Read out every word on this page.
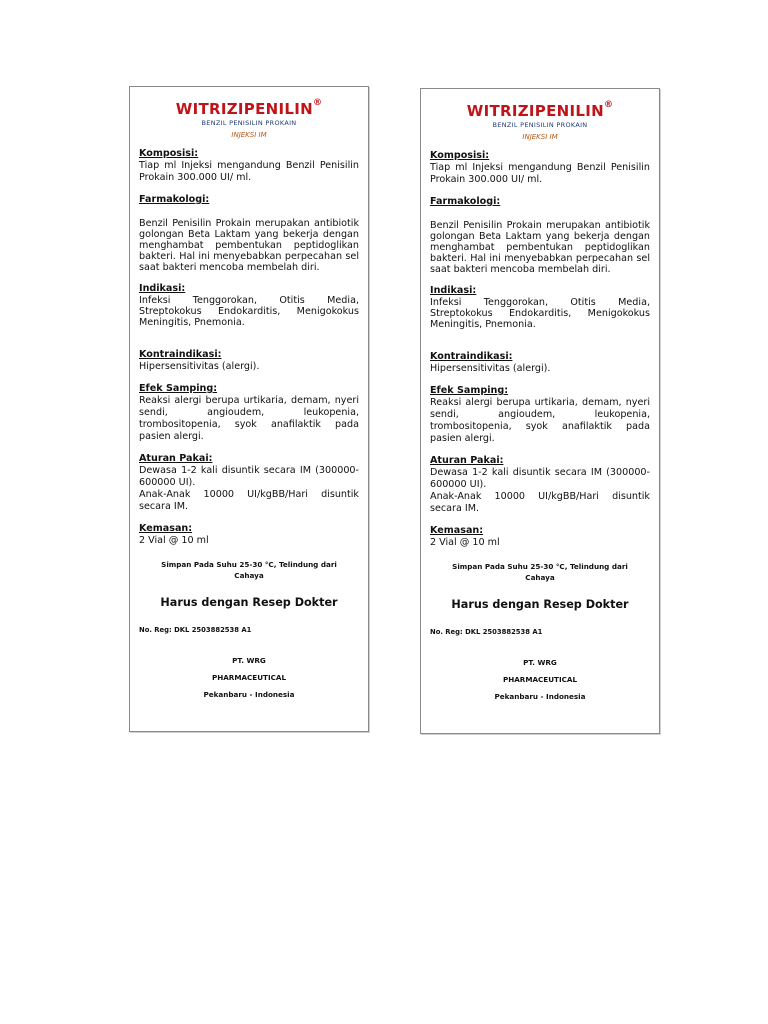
WITRIZIPENILIN®
BENZIL PENISILIN PROKAIN
INJEKSI IM
Komposisi:
Tiap ml Injeksi mengandung Benzil Penisilin Prokain 300.000 UI/ ml.
Farmakologi:
Benzil Penisilin Prokain merupakan antibiotik golongan Beta Laktam yang bekerja dengan menghambat pembentukan peptidoglikan bakteri. Hal ini menyebabkan perpecahan sel saat bakteri mencoba membelah diri.
Indikasi:
Infeksi Tenggorokan, Otitis Media, Streptokokus Endokarditis, Menigokokus Meningitis, Pnemonia.
Kontraindikasi:
Hipersensitivitas (alergi).
Efek Samping:
Reaksi alergi berupa urtikaria, demam, nyeri sendi, angioudem, leukopenia, trombositopenia, syok anafilaktik pada pasien alergi.
Aturan Pakai:
Dewasa 1-2 kali disuntik secara IM (300000-600000 UI).
Anak-Anak 10000 UI/kgBB/Hari disuntik secara IM.
Kemasan:
2 Vial @ 10 ml
Simpan Pada Suhu 25-30 °C, Telindung dari Cahaya
Harus dengan Resep Dokter
No. Reg: DKL 2503882538 A1
PT. WRG
PHARMACEUTICAL
Pekanbaru - Indonesia
WITRIZIPENILIN®
BENZIL PENISILIN PROKAIN
INJEKSI IM
Komposisi:
Tiap ml Injeksi mengandung Benzil Penisilin Prokain 300.000 UI/ ml.
Farmakologi:
Benzil Penisilin Prokain merupakan antibiotik golongan Beta Laktam yang bekerja dengan menghambat pembentukan peptidoglikan bakteri. Hal ini menyebabkan perpecahan sel saat bakteri mencoba membelah diri.
Indikasi:
Infeksi Tenggorokan, Otitis Media, Streptokokus Endokarditis, Menigokokus Meningitis, Pnemonia.
Kontraindikasi:
Hipersensitivitas (alergi).
Efek Samping:
Reaksi alergi berupa urtikaria, demam, nyeri sendi, angioudem, leukopenia, trombositopenia, syok anafilaktik pada pasien alergi.
Aturan Pakai:
Dewasa 1-2 kali disuntik secara IM (300000-600000 UI).
Anak-Anak 10000 UI/kgBB/Hari disuntik secara IM.
Kemasan:
2 Vial @ 10 ml
Simpan Pada Suhu 25-30 °C, Telindung dari Cahaya
Harus dengan Resep Dokter
No. Reg: DKL 2503882538 A1
PT. WRG
PHARMACEUTICAL
Pekanbaru - Indonesia
